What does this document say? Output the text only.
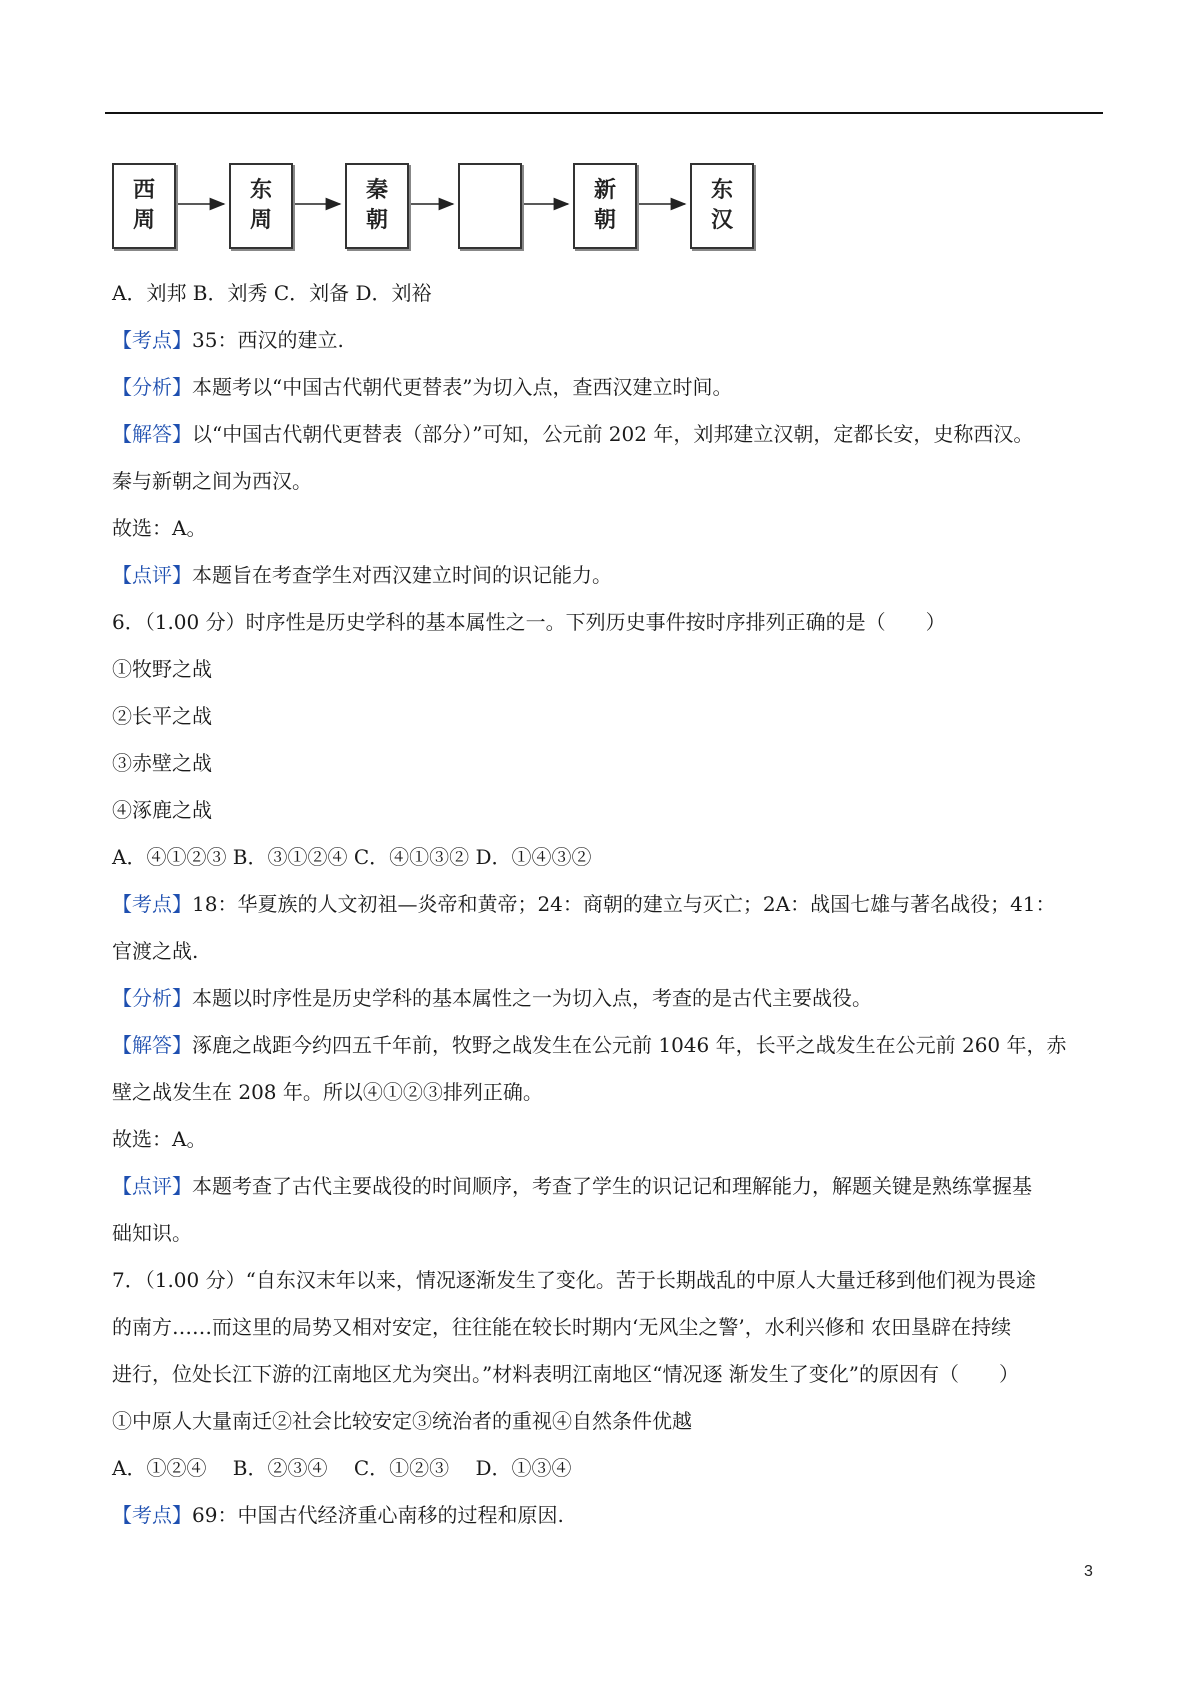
西
周
东
周
秦
朝
新
朝
东
汉
A．刘邦 B．刘秀 C．刘备 D．刘裕
【考点】35：西汉的建立.
【分析】本题考以“中国古代朝代更替表”为切入点，查西汉建立时间。
【解答】以“中国古代朝代更替表（部分）”可知，公元前 202 年，刘邦建立汉朝，定都长安，史称西汉。
秦与新朝之间为西汉。
故选：A。
【点评】本题旨在考查学生对西汉建立时间的识记能力。
6．（1.00 分）时序性是历史学科的基本属性之一。下列历史事件按时序排列正确的是（　　）
①牧野之战
②长平之战
③赤壁之战
④涿鹿之战
A．④①②③ B．③①②④ C．④①③② D．①④③②
【考点】18：华夏族的人文初祖—炎帝和黄帝；24：商朝的建立与灭亡；2A：战国七雄与著名战役；41：
官渡之战.
【分析】本题以时序性是历史学科的基本属性之一为切入点，考查的是古代主要战役。
【解答】涿鹿之战距今约四五千年前，牧野之战发生在公元前 1046 年，长平之战发生在公元前 260 年，赤
壁之战发生在 208 年。所以④①②③排列正确。
故选：A。
【点评】本题考查了古代主要战役的时间顺序，考查了学生的识记记和理解能力，解题关键是熟练掌握基
础知识。
7．（1.00 分）“自东汉末年以来，情况逐渐发生了变化。苦于长期战乱的中原人大量迁移到他们视为畏途
的南方……而这里的局势又相对安定，往往能在较长时期内‘无风尘之警’，水利兴修和 农田垦辟在持续
进行，位处长江下游的江南地区尤为突出。”材料表明江南地区“情况逐 渐发生了变化”的原因有（　　）
①中原人大量南迁②社会比较安定③统治者的重视④自然条件优越
A．①②④　 B．②③④　 C．①②③　 D．①③④
【考点】69：中国古代经济重心南移的过程和原因.
3
